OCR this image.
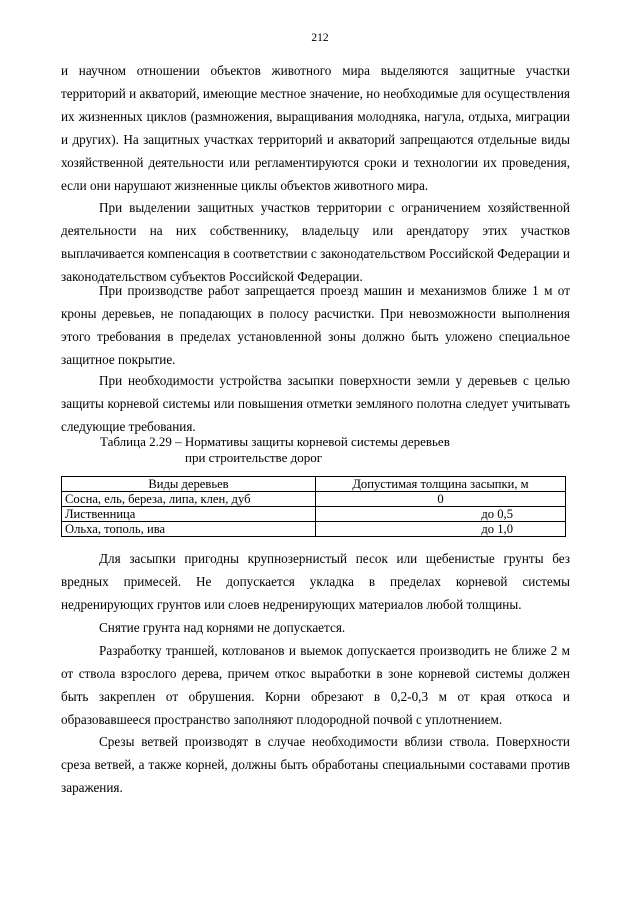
212

и научном отношении объектов животного мира выделяются защитные участки территорий и акваторий, имеющие местное значение, но необходимые для осуществления их жизненных циклов (размножения, выращивания молодняка, нагула, отдыха, миграции и других). На защитных участках территорий и акваторий запрещаются отдельные виды хозяйственной деятельности или регламентируются сроки и технологии их проведения, если они нарушают жизненные циклы объектов животного мира.

При выделении защитных участков территории с ограничением хозяйственной деятельности на них собственнику, владельцу или арендатору этих участков выплачивается компенсация в соответствии с законодательством Российской Федерации и законодательством субъектов Российской Федерации.

При производстве работ запрещается проезд машин и механизмов ближе 1 м от кроны деревьев, не попадающих в полосу расчистки. При невозможности выполнения этого требования в пределах установленной зоны должно быть уложено специальное защитное покрытие.

При необходимости устройства засыпки поверхности земли у деревьев с целью защиты корневой системы или повышения отметки земляного полотна следует учитывать следующие требования.

Таблица 2.29 – Нормативы защиты корневой системы деревьев
при строительстве дорог
Виды деревьев	Допустимая толщина засыпки, м
Сосна, ель, береза, липа, клен, дуб	0
Лиственница	до 0,5
Ольха, тополь, ива	до 1,0

Для засыпки пригодны крупнозернистый песок или щебенистые грунты без вредных примесей. Не допускается укладка в пределах корневой системы недренирующих грунтов или слоев недренирующих материалов любой толщины.

Снятие грунта над корнями не допускается.

Разработку траншей, котлованов и выемок допускается производить не ближе 2 м от ствола взрослого дерева, причем откос выработки в зоне корневой системы должен быть закреплен от обрушения. Корни обрезают в 0,2-0,3 м от края откоса и образовавшееся пространство заполняют плодородной почвой с уплотнением.

Срезы ветвей производят в случае необходимости вблизи ствола. Поверхности среза ветвей, а также корней, должны быть обработаны специальными составами против заражения.
